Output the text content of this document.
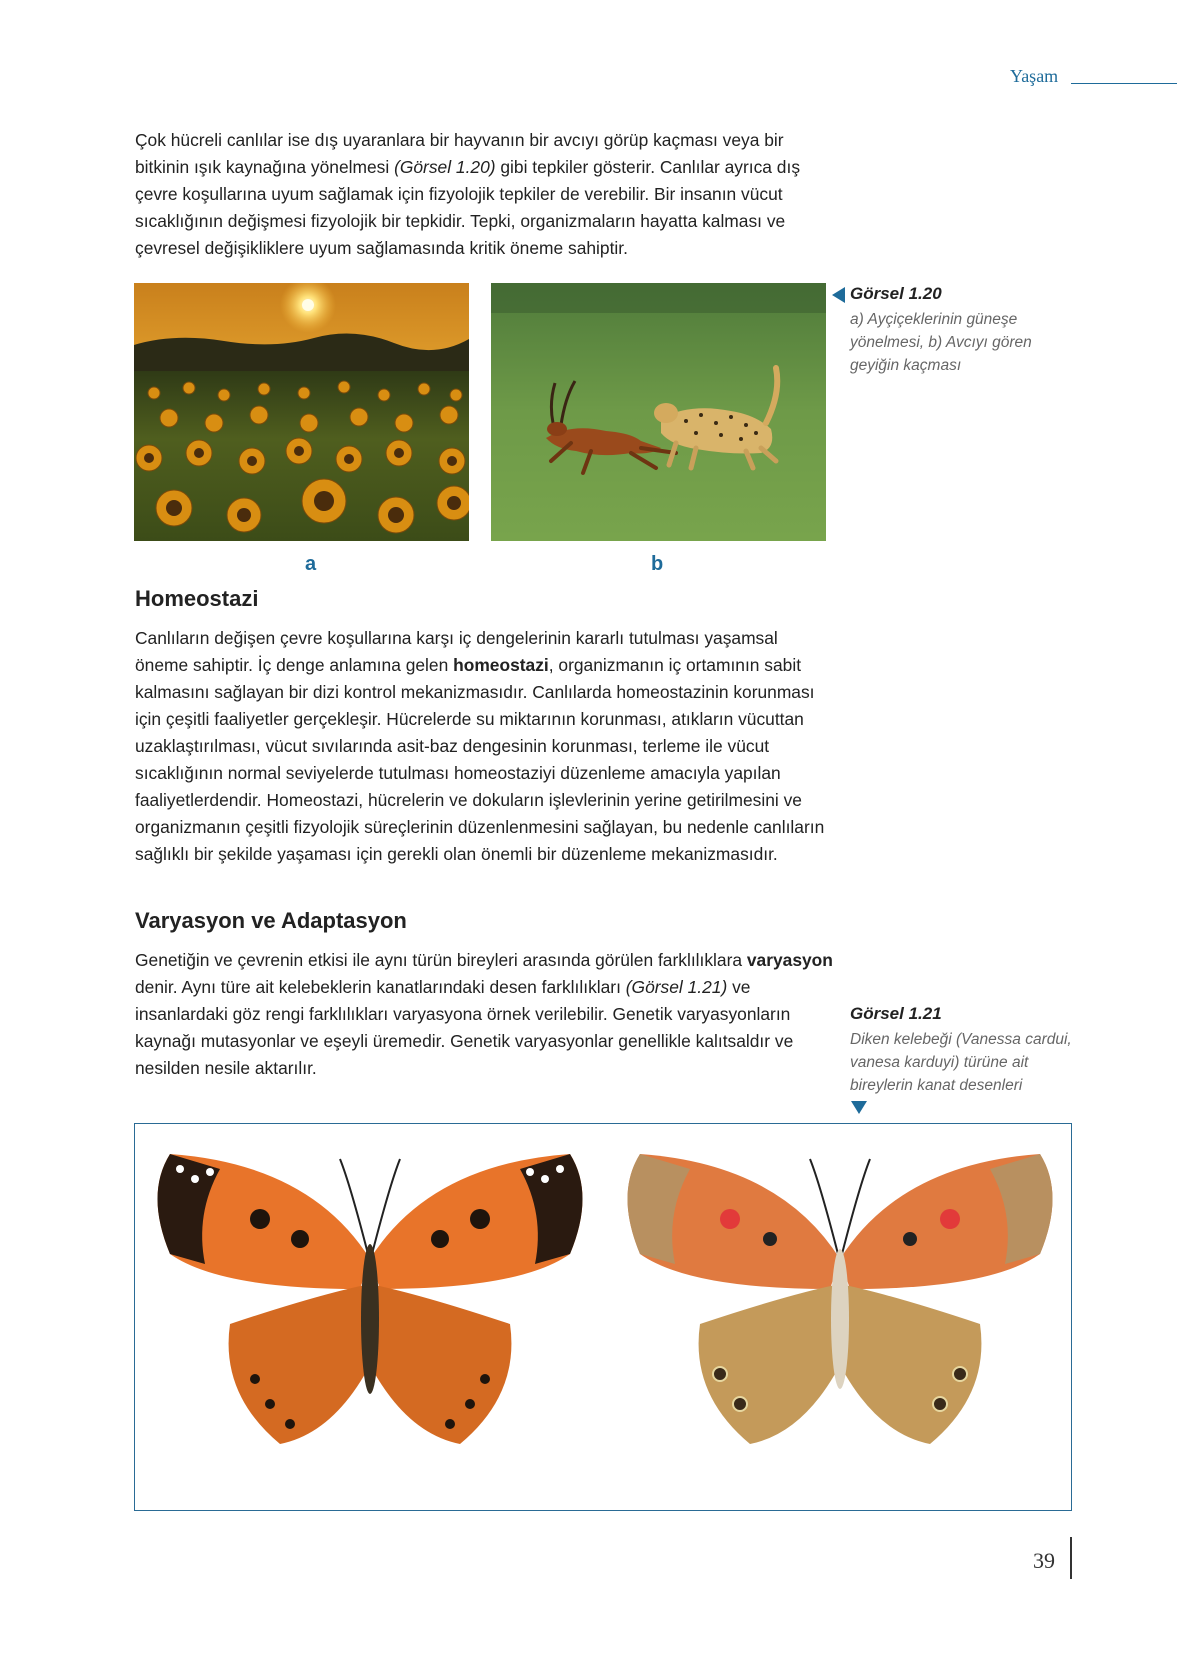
Yaşam

Çok hücreli canlılar ise dış uyaranlara bir hayvanın bir avcıyı görüp kaçması veya bir bitkinin ışık kaynağına yönelmesi (Görsel 1.20) gibi tepkiler gösterir. Canlılar ayrıca dış çevre koşullarına uyum sağlamak için fizyolojik tepkiler de verebilir. Bir insanın vücut sıcaklığının değişmesi fizyolojik bir tepkidir. Tepki, organizmaların hayatta kalması ve çevresel değişikliklere uyum sağlamasında kritik öneme sahiptir.

a	b
Görsel 1.20
a) Ayçiçeklerinin güneşe yönelmesi, b) Avcıyı gören geyiğin kaçması
Homeostazi

Canlıların değişen çevre koşullarına karşı iç dengelerinin kararlı tutulması yaşamsal öneme sahiptir. İç denge anlamına gelen homeostazi, organizmanın iç ortamının sabit kalmasını sağlayan bir dizi kontrol mekanizmasıdır. Canlılarda homeostazinin korunması için çeşitli faaliyetler gerçekleşir. Hücrelerde su miktarının korunması, atıkların vücuttan uzaklaştırılması, vücut sıvılarında asit-baz dengesinin korunması, terleme ile vücut sıcaklığının normal seviyelerde tutulması homeostaziyi düzenleme amacıyla yapılan faaliyetlerdendir. Homeostazi, hücrelerin ve dokuların işlevlerinin yerine getirilmesini ve organizmanın çeşitli fizyolojik süreçlerinin düzenlenmesini sağlayan, bu nedenle canlıların sağlıklı bir şekilde yaşaması için gerekli olan önemli bir düzenleme mekanizmasıdır.

Varyasyon ve Adaptasyon

Genetiğin ve çevrenin etkisi ile aynı türün bireyleri arasında görülen farklılıklara varyasyon denir. Aynı türe ait kelebeklerin kanatlarındaki desen farklılıkları (Görsel 1.21) ve insanlardaki göz rengi farklılıkları varyasyona örnek verilebilir. Genetik varyasyonların kaynağı mutasyonlar ve eşeyli üremedir. Genetik varyasyonlar genellikle kalıtsaldır ve nesilden nesile aktarılır.

Görsel 1.21
Diken kelebeği (Vanessa cardui, vanesa karduyi) türüne ait bireylerin kanat desenleri
39
